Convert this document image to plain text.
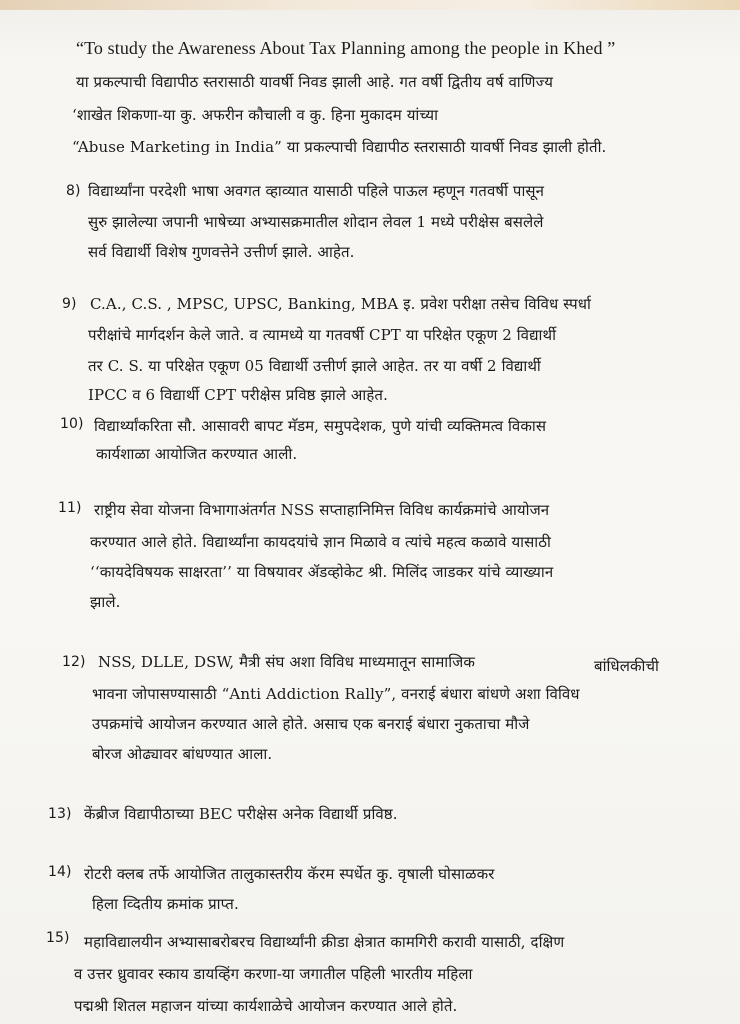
“To study the Awareness About Tax Planning among the people in Khed ”
या प्रकल्पाची विद्यापीठ स्तरासाठी यावर्षी निवड झाली आहे. गत वर्षी द्वितीय वर्ष वाणिज्य
‘शाखेत शिकणा-या कु. अफरीन कौचाली व कु. हिना मुकादम यांच्या
“Abuse Marketing in India” या प्रकल्पाची विद्यापीठ स्तरासाठी यावर्षी निवड झाली होती.
8) विद्यार्थ्यांना परदेशी भाषा अवगत व्हाव्यात यासाठी पहिले पाऊल म्हणून गतवर्षी पासून
सुरु झालेल्या जपानी भाषेच्या अभ्यासक्रमातील शोदान लेवल 1 मध्ये परीक्षेस बसलेले
सर्व विद्यार्थी विशेष गुणवत्तेने उत्तीर्ण झाले. आहेत.
9) C.A., C.S. , MPSC, UPSC, Banking, MBA इ. प्रवेश परीक्षा तसेच विविध स्पर्धा
परीक्षांचे मार्गदर्शन केले जाते. व त्यामध्ये या गतवर्षी CPT या परिक्षेत एकूण 2 विद्यार्थी
तर C. S. या परिक्षेत एकूण 05 विद्यार्थी उत्तीर्ण झाले आहेत. तर या वर्षी 2 विद्यार्थी
IPCC व 6 विद्यार्थी CPT परीक्षेस प्रविष्ठ झाले आहेत.
10) विद्यार्थ्यांकरिता सौ. आसावरी बापट मॅडम, समुपदेशक, पुणे यांची व्यक्तिमत्व विकास
कार्यशाळा आयोजित करण्यात आली.
11) राष्ट्रीय सेवा योजना विभागाअंतर्गत NSS सप्ताहानिमित्त विविध कार्यक्रमांचे आयोजन
करण्यात आले होते. विद्यार्थ्यांना कायदयांचे ज्ञान मिळावे व त्यांचे महत्व कळावे यासाठी
‘‘कायदेविषयक साक्षरता’’ या विषयावर ॲडव्होकेट श्री. मिलिंद जाडकर यांचे व्याख्यान
झाले.
12) NSS, DLLE, DSW, मैत्री संघ अशा विविध माध्यमातून सामाजिक	बांधिलकीची
भावना जोपासण्यासाठी “Anti Addiction Rally”, वनराई बंधारा बांधणे अशा विविध
उपक्रमांचे आयोजन करण्यात आले होते. असाच एक बनराई बंधारा नुकताचा मौजे
बोरज ओढ्यावर बांधण्यात आला.
13) केंब्रीज विद्यापीठाच्या BEC परीक्षेस अनेक विद्यार्थी प्रविष्ठ.
14) रोटरी क्लब तर्फे आयोजित तालुकास्तरीय कॅरम स्पर्धेत कु. वृषाली घोसाळकर
हिला व्दितीय क्रमांक प्राप्त.
15) महाविद्यालयीन अभ्यासाबरोबरच विद्यार्थ्यांनी क्रीडा क्षेत्रात कामगिरी करावी यासाठी, दक्षिण
व उत्तर ध्रुवावर स्काय डायव्हिंग करणा-या जगातील पहिली भारतीय महिला
पद्मश्री शितल महाजन यांच्या कार्यशाळेचे आयोजन करण्यात आले होते.
